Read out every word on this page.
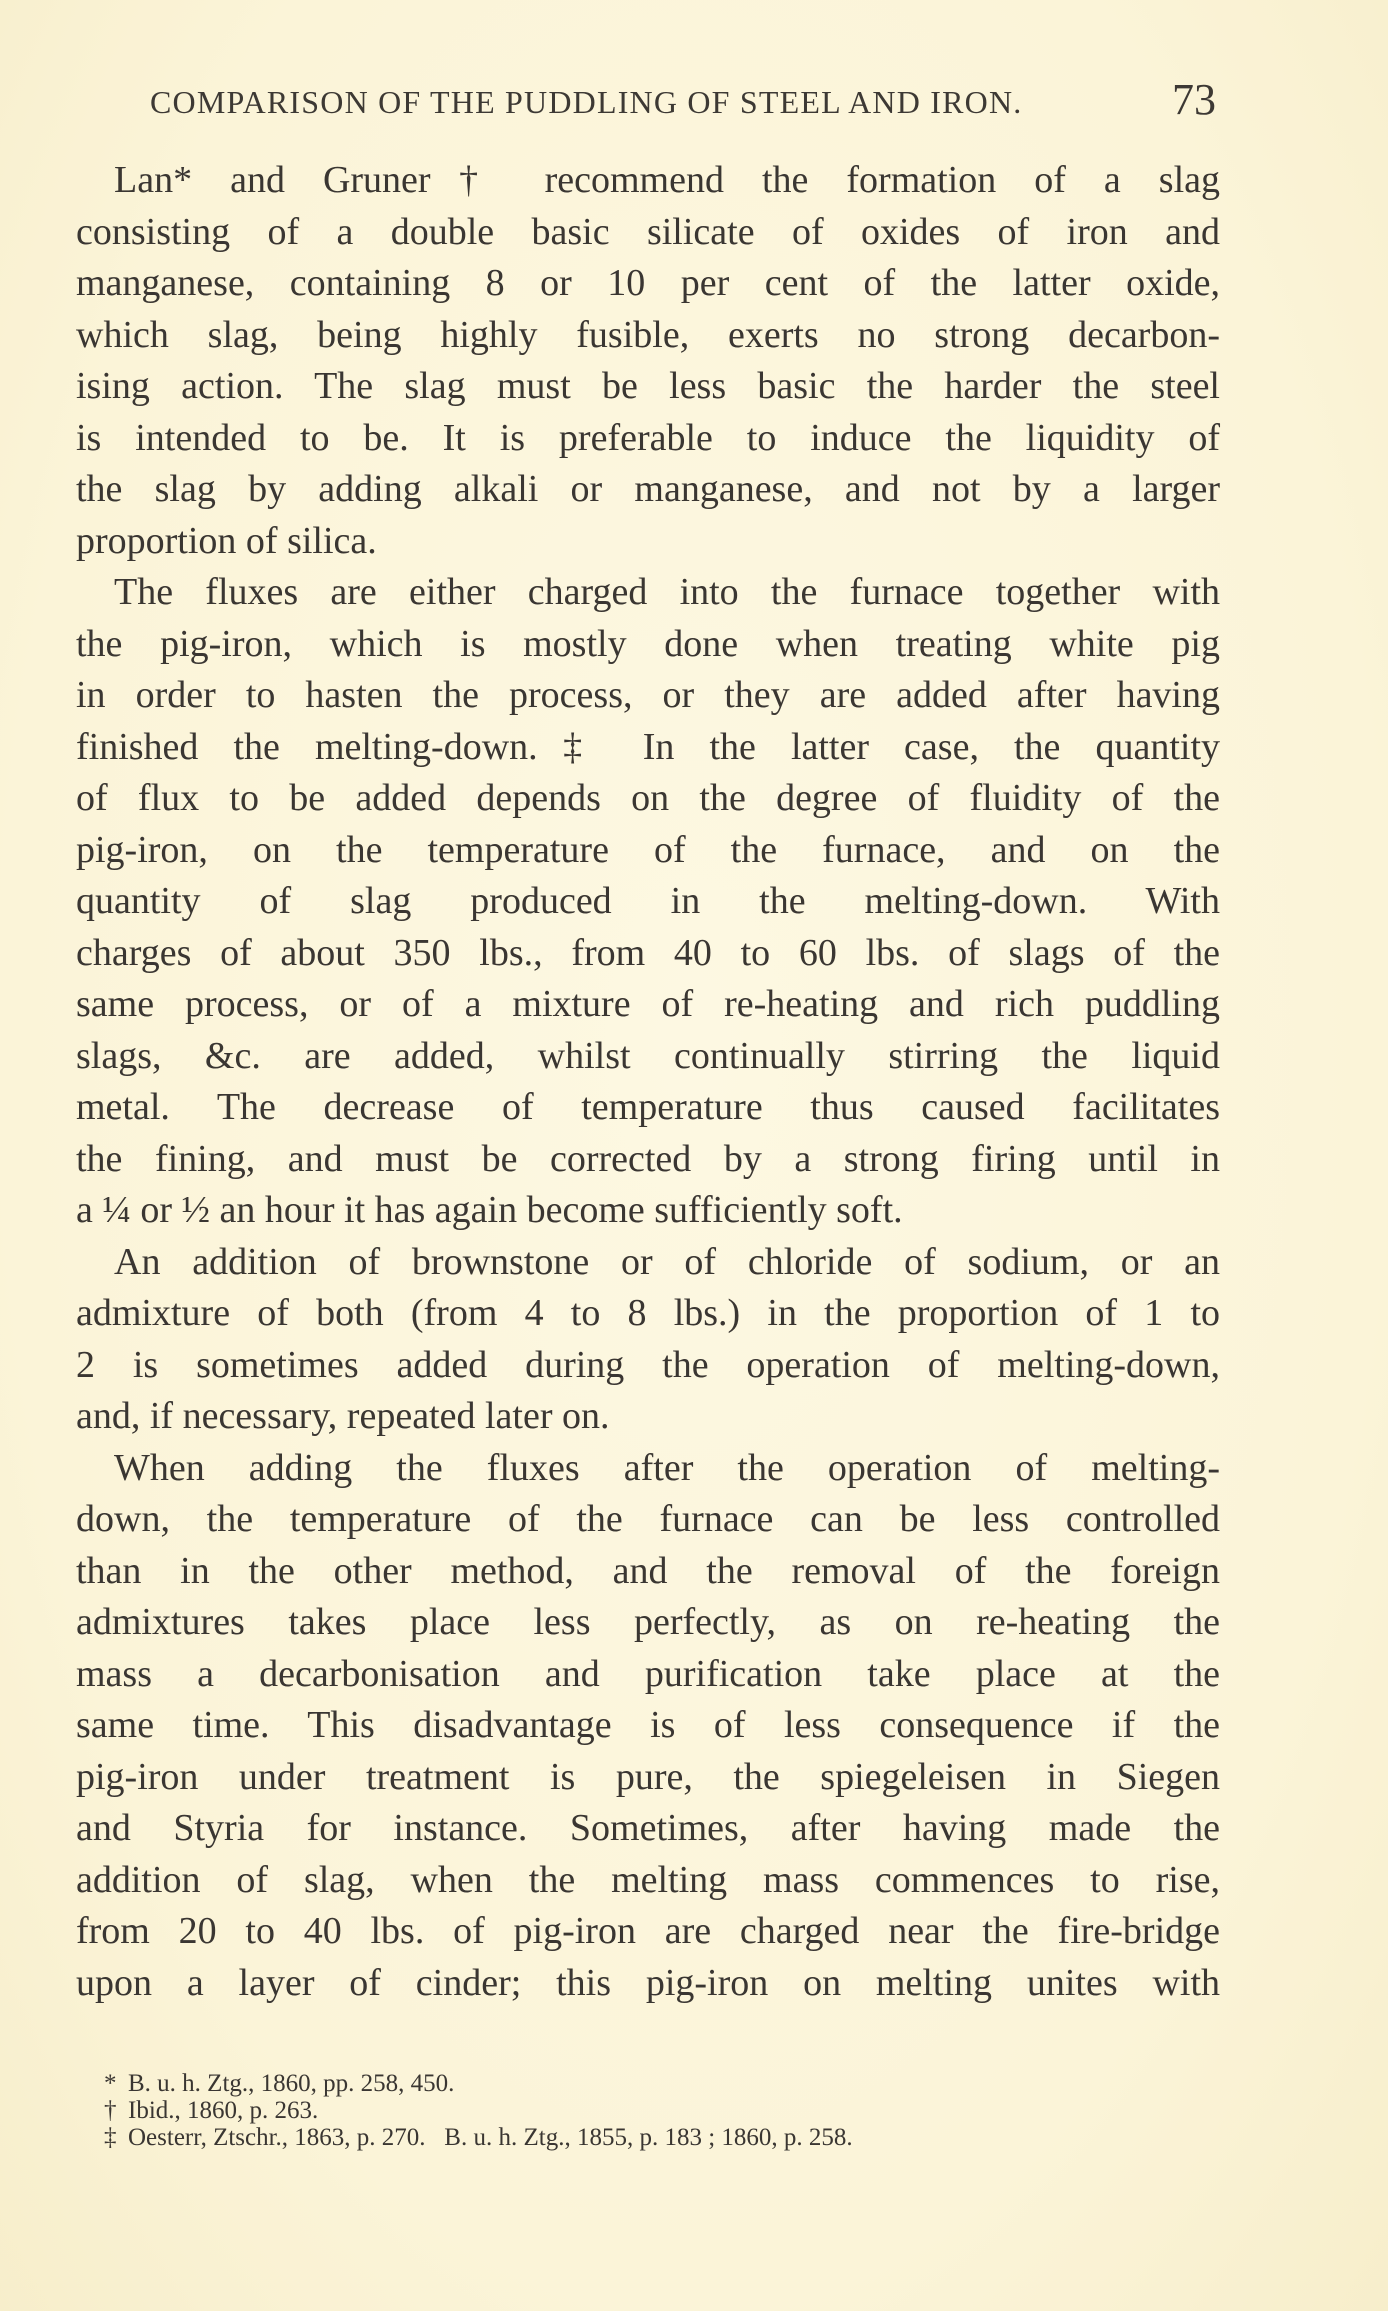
COMPARISON OF THE PUDDLING OF STEEL AND IRON.	73
Lan* and Gruner† recommend the formation of a slag
consisting of a double basic silicate of oxides of iron and
manganese, containing 8 or 10 per cent of the latter oxide,
which slag, being highly fusible, exerts no strong decarbon-
ising action. The slag must be less basic the harder the steel
is intended to be. It is preferable to induce the liquidity of
the slag by adding alkali or manganese, and not by a larger
proportion of silica.
The fluxes are either charged into the furnace together with
the pig-iron, which is mostly done when treating white pig
in order to hasten the process, or they are added after having
finished the melting-down.‡ In the latter case, the quantity
of flux to be added depends on the degree of fluidity of the
pig-iron, on the temperature of the furnace, and on the
quantity of slag produced in the melting-down. With
charges of about 350 lbs., from 40 to 60 lbs. of slags of the
same process, or of a mixture of re-heating and rich puddling
slags, &c. are added, whilst continually stirring the liquid
metal. The decrease of temperature thus caused facilitates
the fining, and must be corrected by a strong firing until in
a ¼ or ½ an hour it has again become sufficiently soft.
An addition of brownstone or of chloride of sodium, or an
admixture of both (from 4 to 8 lbs.) in the proportion of 1 to
2 is sometimes added during the operation of melting-down,
and, if necessary, repeated later on.
When adding the fluxes after the operation of melting-
down, the temperature of the furnace can be less controlled
than in the other method, and the removal of the foreign
admixtures takes place less perfectly, as on re-heating the
mass a decarbonisation and purification take place at the
same time. This disadvantage is of less consequence if the
pig-iron under treatment is pure, the spiegeleisen in Siegen
and Styria for instance. Sometimes, after having made the
addition of slag, when the melting mass commences to rise,
from 20 to 40 lbs. of pig-iron are charged near the fire-bridge
upon a layer of cinder; this pig-iron on melting unites with
* B. u. h. Ztg., 1860, pp. 258, 450.
† Ibid., 1860, p. 263.
‡ Oesterr, Ztschr., 1863, p. 270.   B. u. h. Ztg., 1855, p. 183 ; 1860, p. 258.
